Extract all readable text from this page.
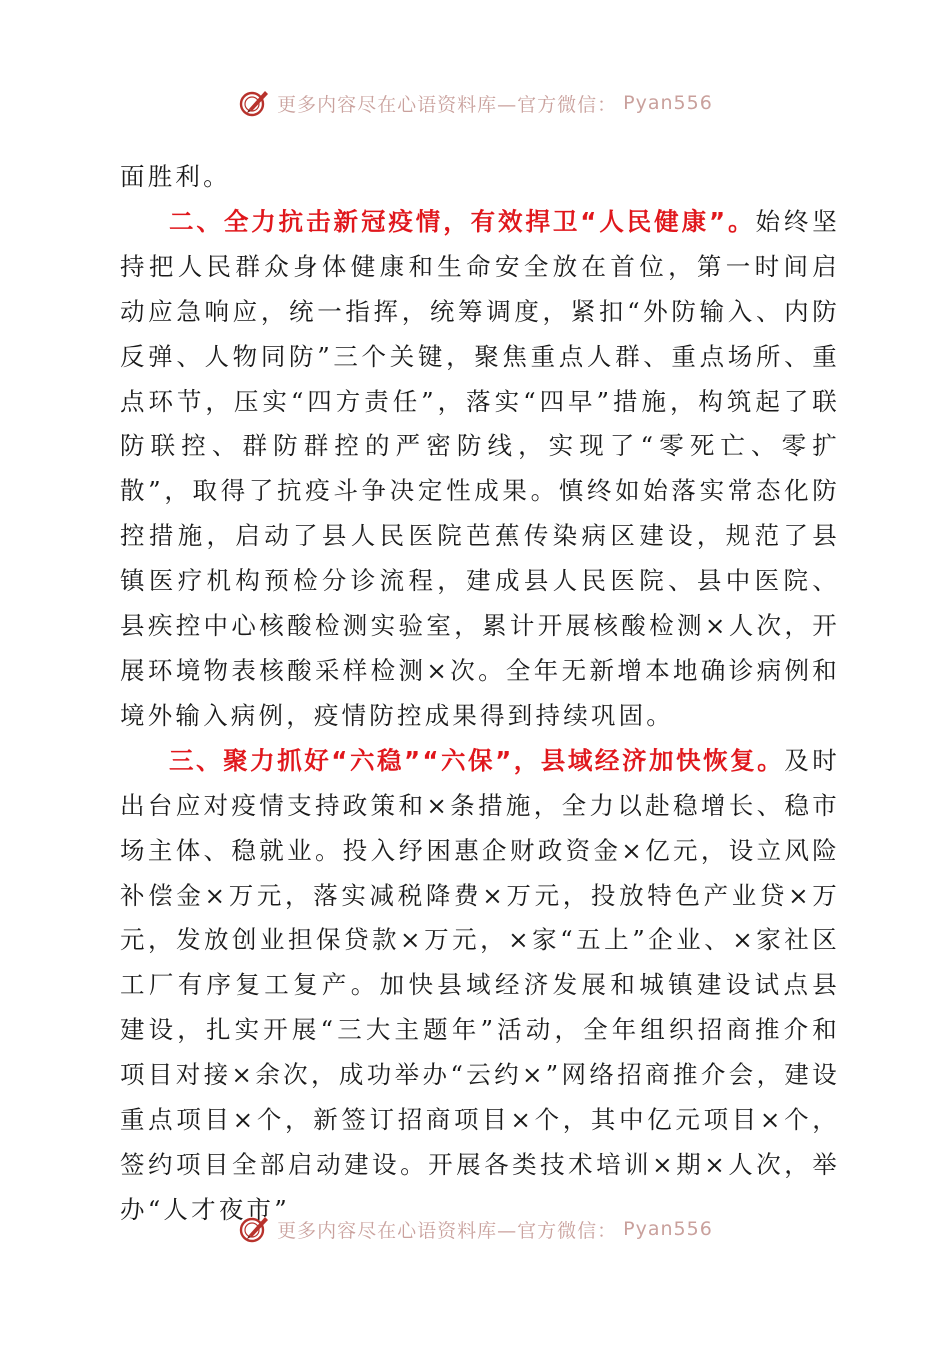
更多内容尽在心语资料库—官方微信： Pyan556

面胜利。

二、全力抗击新冠疫情，有效捍卫“人民健康”。始终坚持把人民群众身体健康和生命安全放在首位，第一时间启动应急响应，统一指挥，统筹调度，紧扣“外防输入、内防反弹、人物同防”三个关键，聚焦重点人群、重点场所、重点环节，压实“四方责任”，落实“四早”措施，构筑起了联防联控、群防群控的严密防线，实现了“零死亡、零扩散”，取得了抗疫斗争决定性成果。慎终如始落实常态化防控措施，启动了县人民医院芭蕉传染病区建设，规范了县镇医疗机构预检分诊流程，建成县人民医院、县中医院、县疾控中心核酸检测实验室，累计开展核酸检测×人次，开展环境物表核酸采样检测×次。全年无新增本地确诊病例和境外输入病例，疫情防控成果得到持续巩固。

三、聚力抓好“六稳”“六保”，县域经济加快恢复。及时出台应对疫情支持政策和×条措施，全力以赴稳增长、稳市场主体、稳就业。投入纾困惠企财政资金×亿元，设立风险补偿金×万元，落实减税降费×万元，投放特色产业贷×万元，发放创业担保贷款×万元，×家“五上”企业、×家社区工厂有序复工复产。加快县域经济发展和城镇建设试点县建设，扎实开展“三大主题年”活动，全年组织招商推介和项目对接×余次，成功举办“云约×”网络招商推介会，建设重点项目×个，新签订招商项目×个，其中亿元项目×个，签约项目全部启动建设。开展各类技术培训×期×人次，举办“人才夜市”

更多内容尽在心语资料库—官方微信： Pyan556
